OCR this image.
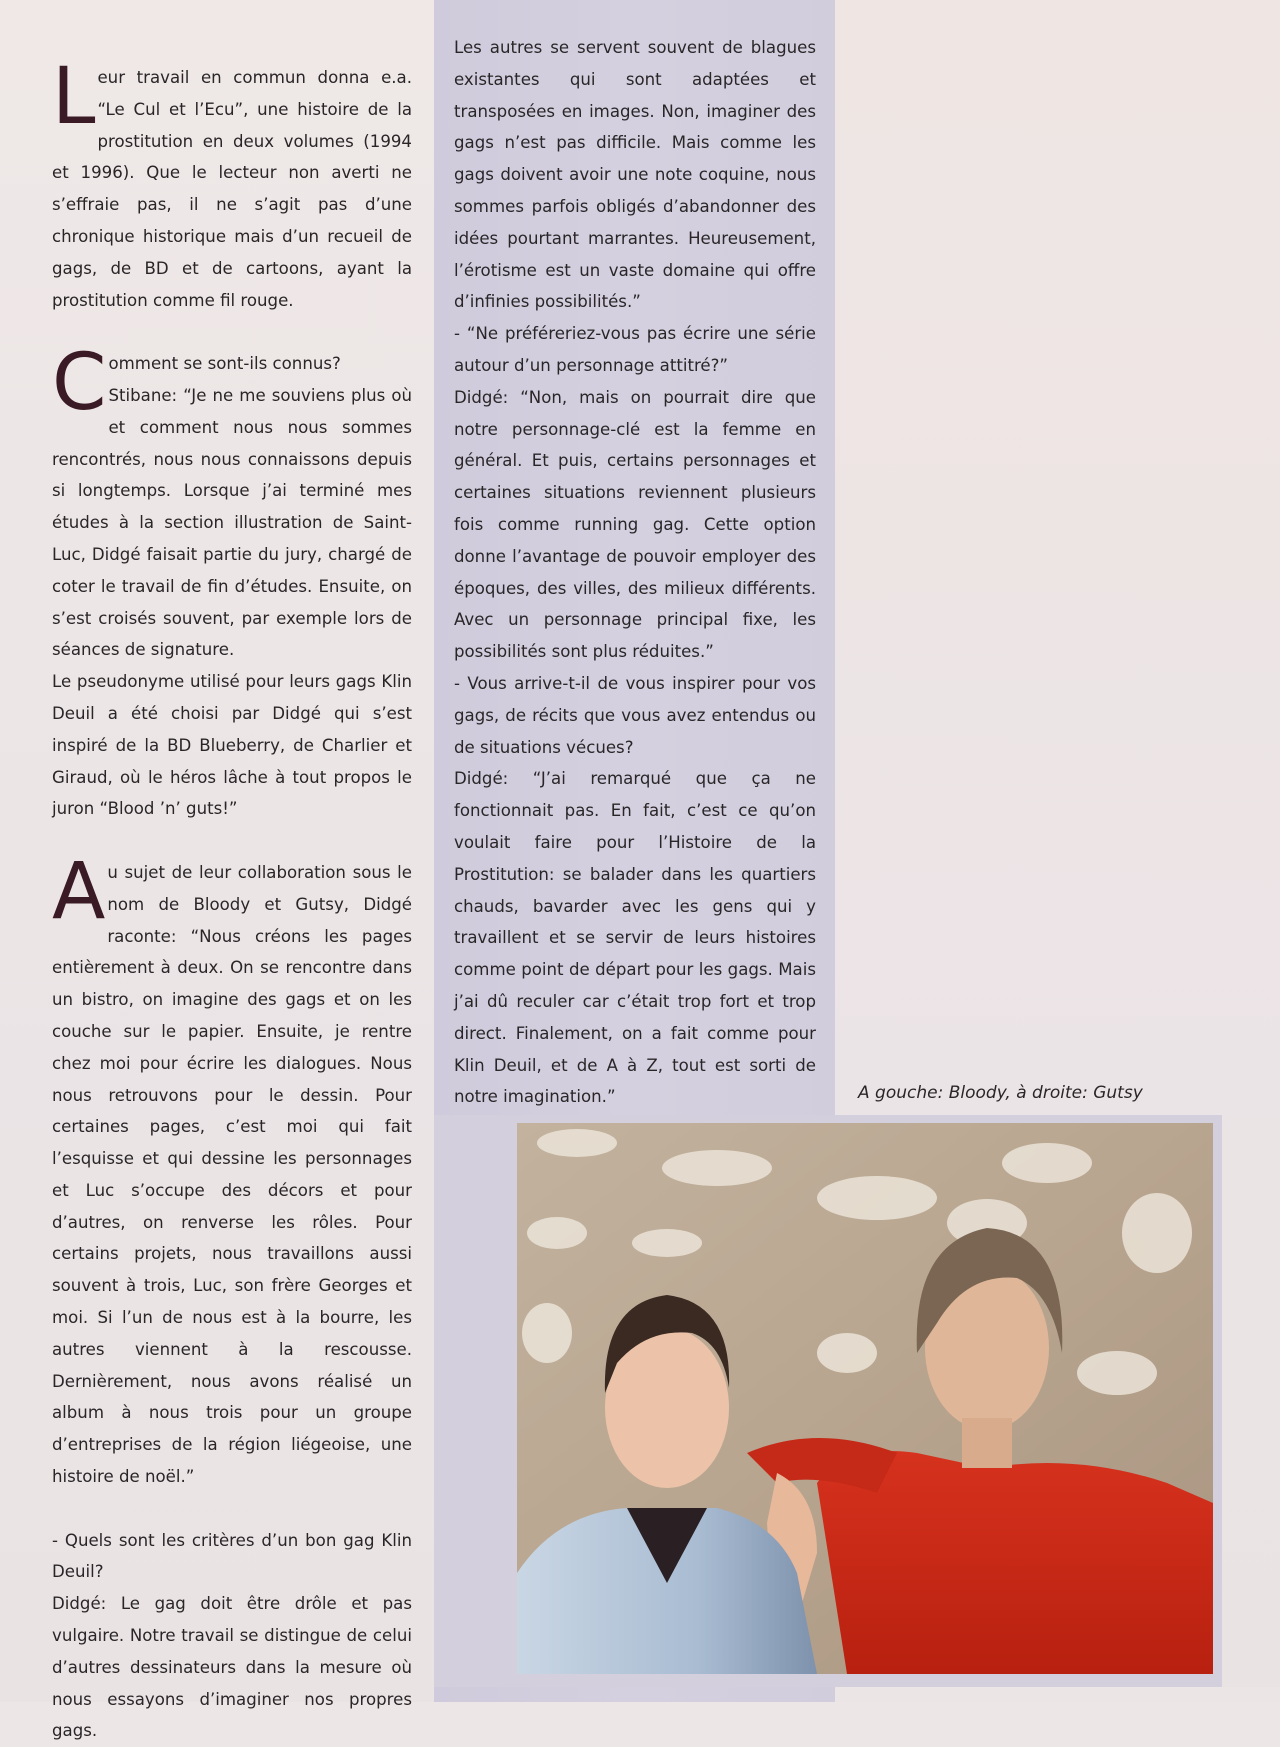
Leur travail en commun donna e.a. “Le Cul et l’Ecu”, une histoire de la prostitution en deux volumes (1994 et 1996). Que le lecteur non averti ne s’effraie pas, il ne s’agit pas d’une chronique historique mais d’un recueil de gags, de BD et de cartoons, ayant la prostitution comme fil rouge.

Comment se sont-ils connus?
Stibane: “Je ne me souviens plus où et comment nous nous sommes rencontrés, nous nous connaissons depuis si longtemps. Lorsque j’ai terminé mes études à la section illustration de Saint-Luc, Didgé faisait partie du jury, chargé de coter le travail de fin d’études. Ensuite, on s’est croisés souvent, par exemple lors de séances de signature.

Le pseudonyme utilisé pour leurs gags Klin Deuil a été choisi par Didgé qui s’est inspiré de la BD Blueberry, de Charlier et Giraud, où le héros lâche à tout propos le juron “Blood ’n’ guts!”

Au sujet de leur collaboration sous le nom de Bloody et Gutsy, Didgé raconte: “Nous créons les pages entièrement à deux. On se rencontre dans un bistro, on imagine des gags et on les couche sur le papier. Ensuite, je rentre chez moi pour écrire les dialogues. Nous nous retrouvons pour le dessin. Pour certaines pages, c’est moi qui fait l’esquisse et qui dessine les personnages et Luc s’occupe des décors et pour d’autres, on renverse les rôles. Pour certains projets, nous travaillons aussi souvent à trois, Luc, son frère Georges et moi. Si l’un de nous est à la bourre, les autres viennent à la rescousse. Dernièrement, nous avons réalisé un album à nous trois pour un groupe d’entreprises de la région liégeoise, une histoire de noël.”

- Quels sont les critères d’un bon gag Klin Deuil?

Didgé: Le gag doit être drôle et pas vulgaire. Notre travail se distingue de celui d’autres dessinateurs dans la mesure où nous essayons d’imaginer nos propres gags.

Les autres se servent souvent de blagues existantes qui sont adaptées et transposées en images. Non, imaginer des gags n’est pas difficile. Mais comme les gags doivent avoir une note coquine, nous sommes parfois obligés d’abandonner des idées pourtant marrantes. Heureusement, l’érotisme est un vaste domaine qui offre d’infinies possibilités.”

- “Ne préféreriez-vous pas écrire une série autour d’un personnage attitré?”

Didgé: “Non, mais on pourrait dire que notre personnage-clé est la femme en général. Et puis, certains personnages et certaines situations reviennent plusieurs fois comme running gag. Cette option donne l’avantage de pouvoir employer des époques, des villes, des milieux différents. Avec un personnage principal fixe, les possibilités sont plus réduites.”

- Vous arrive-t-il de vous inspirer pour vos gags, de récits que vous avez entendus ou de situations vécues?

Didgé: “J’ai remarqué que ça ne fonctionnait pas. En fait, c’est ce qu’on voulait faire pour l’Histoire de la Prostitution: se balader dans les quartiers chauds, bavarder avec les gens qui y travaillent et se servir de leurs histoires comme point de départ pour les gags. Mais j’ai dû reculer car c’était trop fort et trop direct. Finalement, on a fait comme pour Klin Deuil, et de A à Z, tout est sorti de notre imagination.”	A gouche: Bloody, à droite: Gutsy
